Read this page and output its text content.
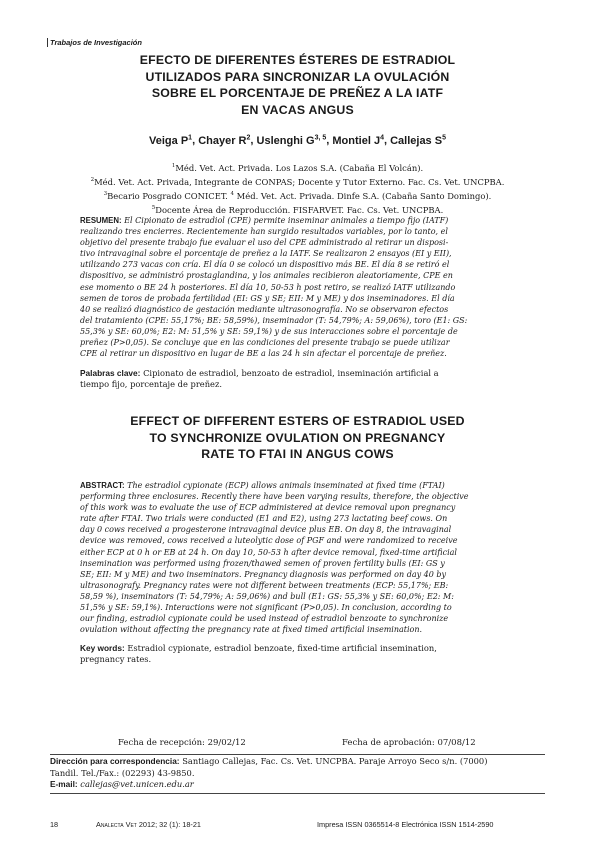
Trabajos de Investigación
EFECTO DE DIFERENTES ÉSTERES DE ESTRADIOL
UTILIZADOS PARA SINCRONIZAR LA OVULACIÓN
SOBRE EL PORCENTAJE DE PREÑEZ A LA IATF
EN VACAS ANGUS
Veiga $P^1$, Chayer $R^2$, Uslenghi G$^{3, 5}$, Montiel $J^4$, Callejas $S^5$
$^1$Méd. Vet. Act. Privada. Los Lazos S.A. (Cabaña El Volcán).
$^2$Méd. Vet. Act. Privada, Integrante de CONPAS; Docente y Tutor Externo. Fac. Cs. Vet. UNCPBA.
$^3$Becario Posgrado CONICET. $^4$ Méd. Vet. Act. Privada. Dinfe S.A. (Cabaña Santo Domingo).
$^5$Docente Área de Reproducción. FISFARVET. Fac. Cs. Vet. UNCPBA.
RESUMEN: El Cipionato de estradiol (CPE) permite inseminar animales a tiempo fijo (IATF)
realizando tres encierres. Recientemente han surgido resultados variables, por lo tanto, el
objetivo del presente trabajo fue evaluar el uso del CPE administrado al retirar un disposi-
tivo intravaginal sobre el porcentaje de preñez a la IATF. Se realizaron 2 ensayos (EI y EII),
utilizando 273 vacas con cría. El día 0 se colocó un dispositivo más BE. El día 8 se retiró el
dispositivo, se administró prostaglandina, y los animales recibieron aleatoriamente, CPE en
ese momento o BE 24 h posteriores. El día 10, 50-53 h post retiro, se realizó IATF utilizando
semen de toros de probada fertilidad (EI: GS y SE; EII: M y ME) y dos inseminadores. El día
40 se realizó diagnóstico de gestación mediante ultrasonografía. No se observaron efectos
del tratamiento (CPE: 55,17%; BE: 58,59%), inseminador (T: 54,79%; A: 59,06%), toro (E1: GS:
55,3% y SE: 60,0%; E2: M: 51,5% y SE: 59,1%) y de sus interacciones sobre el porcentaje de
preñez (P>0,05). Se concluye que en las condiciones del presente trabajo se puede utilizar
CPE al retirar un dispositivo en lugar de BE a las 24 h sin afectar el porcentaje de preñez.
Palabras clave: Cipionato de estradiol, benzoato de estradiol, inseminación artificial a
tiempo fijo, porcentaje de preñez.
EFFECT OF DIFFERENT ESTERS OF ESTRADIOL USED
TO SYNCHRONIZE OVULATION ON PREGNANCY
RATE TO FTAI IN ANGUS COWS
ABSTRACT: The estradiol cypionate (ECP) allows animals inseminated at fixed time (FTAI)
performing three enclosures. Recently there have been varying results, therefore, the objective
of this work was to evaluate the use of ECP administered at device removal upon pregnancy
rate after FTAI. Two trials were conducted (E1 and E2), using 273 lactating beef cows. On
day 0 cows received a progesterone intravaginal device plus EB. On day 8, the intravaginal
device was removed, cows received a luteolytic dose of PGF and were randomized to receive
either ECP at 0 h or EB at 24 h. On day 10, 50-53 h after device removal, fixed-time artificial
insemination was performed using frozen/thawed semen of proven fertility bulls (EI: GS y
SE; EII: M y ME) and two inseminators. Pregnancy diagnosis was performed on day 40 by
ultrasonografy. Pregnancy rates were not different between treatments (ECP: 55,17%; EB:
58,59 %), inseminators (T: 54,79%; A: 59,06%) and bull (E1: GS: 55,3% y SE: 60,0%; E2: M:
51,5% y SE: 59,1%). Interactions were not significant (P>0,05). In conclusion, according to
our finding, estradiol cypionate could be used instead of estradiol benzoate to synchronize
ovulation without affecting the pregnancy rate at fixed timed artificial insemination.
Key words: Estradiol cypionate, estradiol benzoate, fixed-time artificial insemination,
pregnancy rates.
Fecha de recepción: 29/02/12	Fecha de aprobación: 07/08/12
Dirección para correspondencia: Santiago Callejas, Fac. Cs. Vet. UNCPBA. Paraje Arroyo Seco s/n. (7000)
Tandil. Tel./Fax.: (02293) 43-9850.
E-mail: callejas@vet.unicen.edu.ar
18	Analecta Vet 2012; 32 (1): 18-21	Impresa ISSN 0365514-8 Electrónica ISSN 1514-2590
